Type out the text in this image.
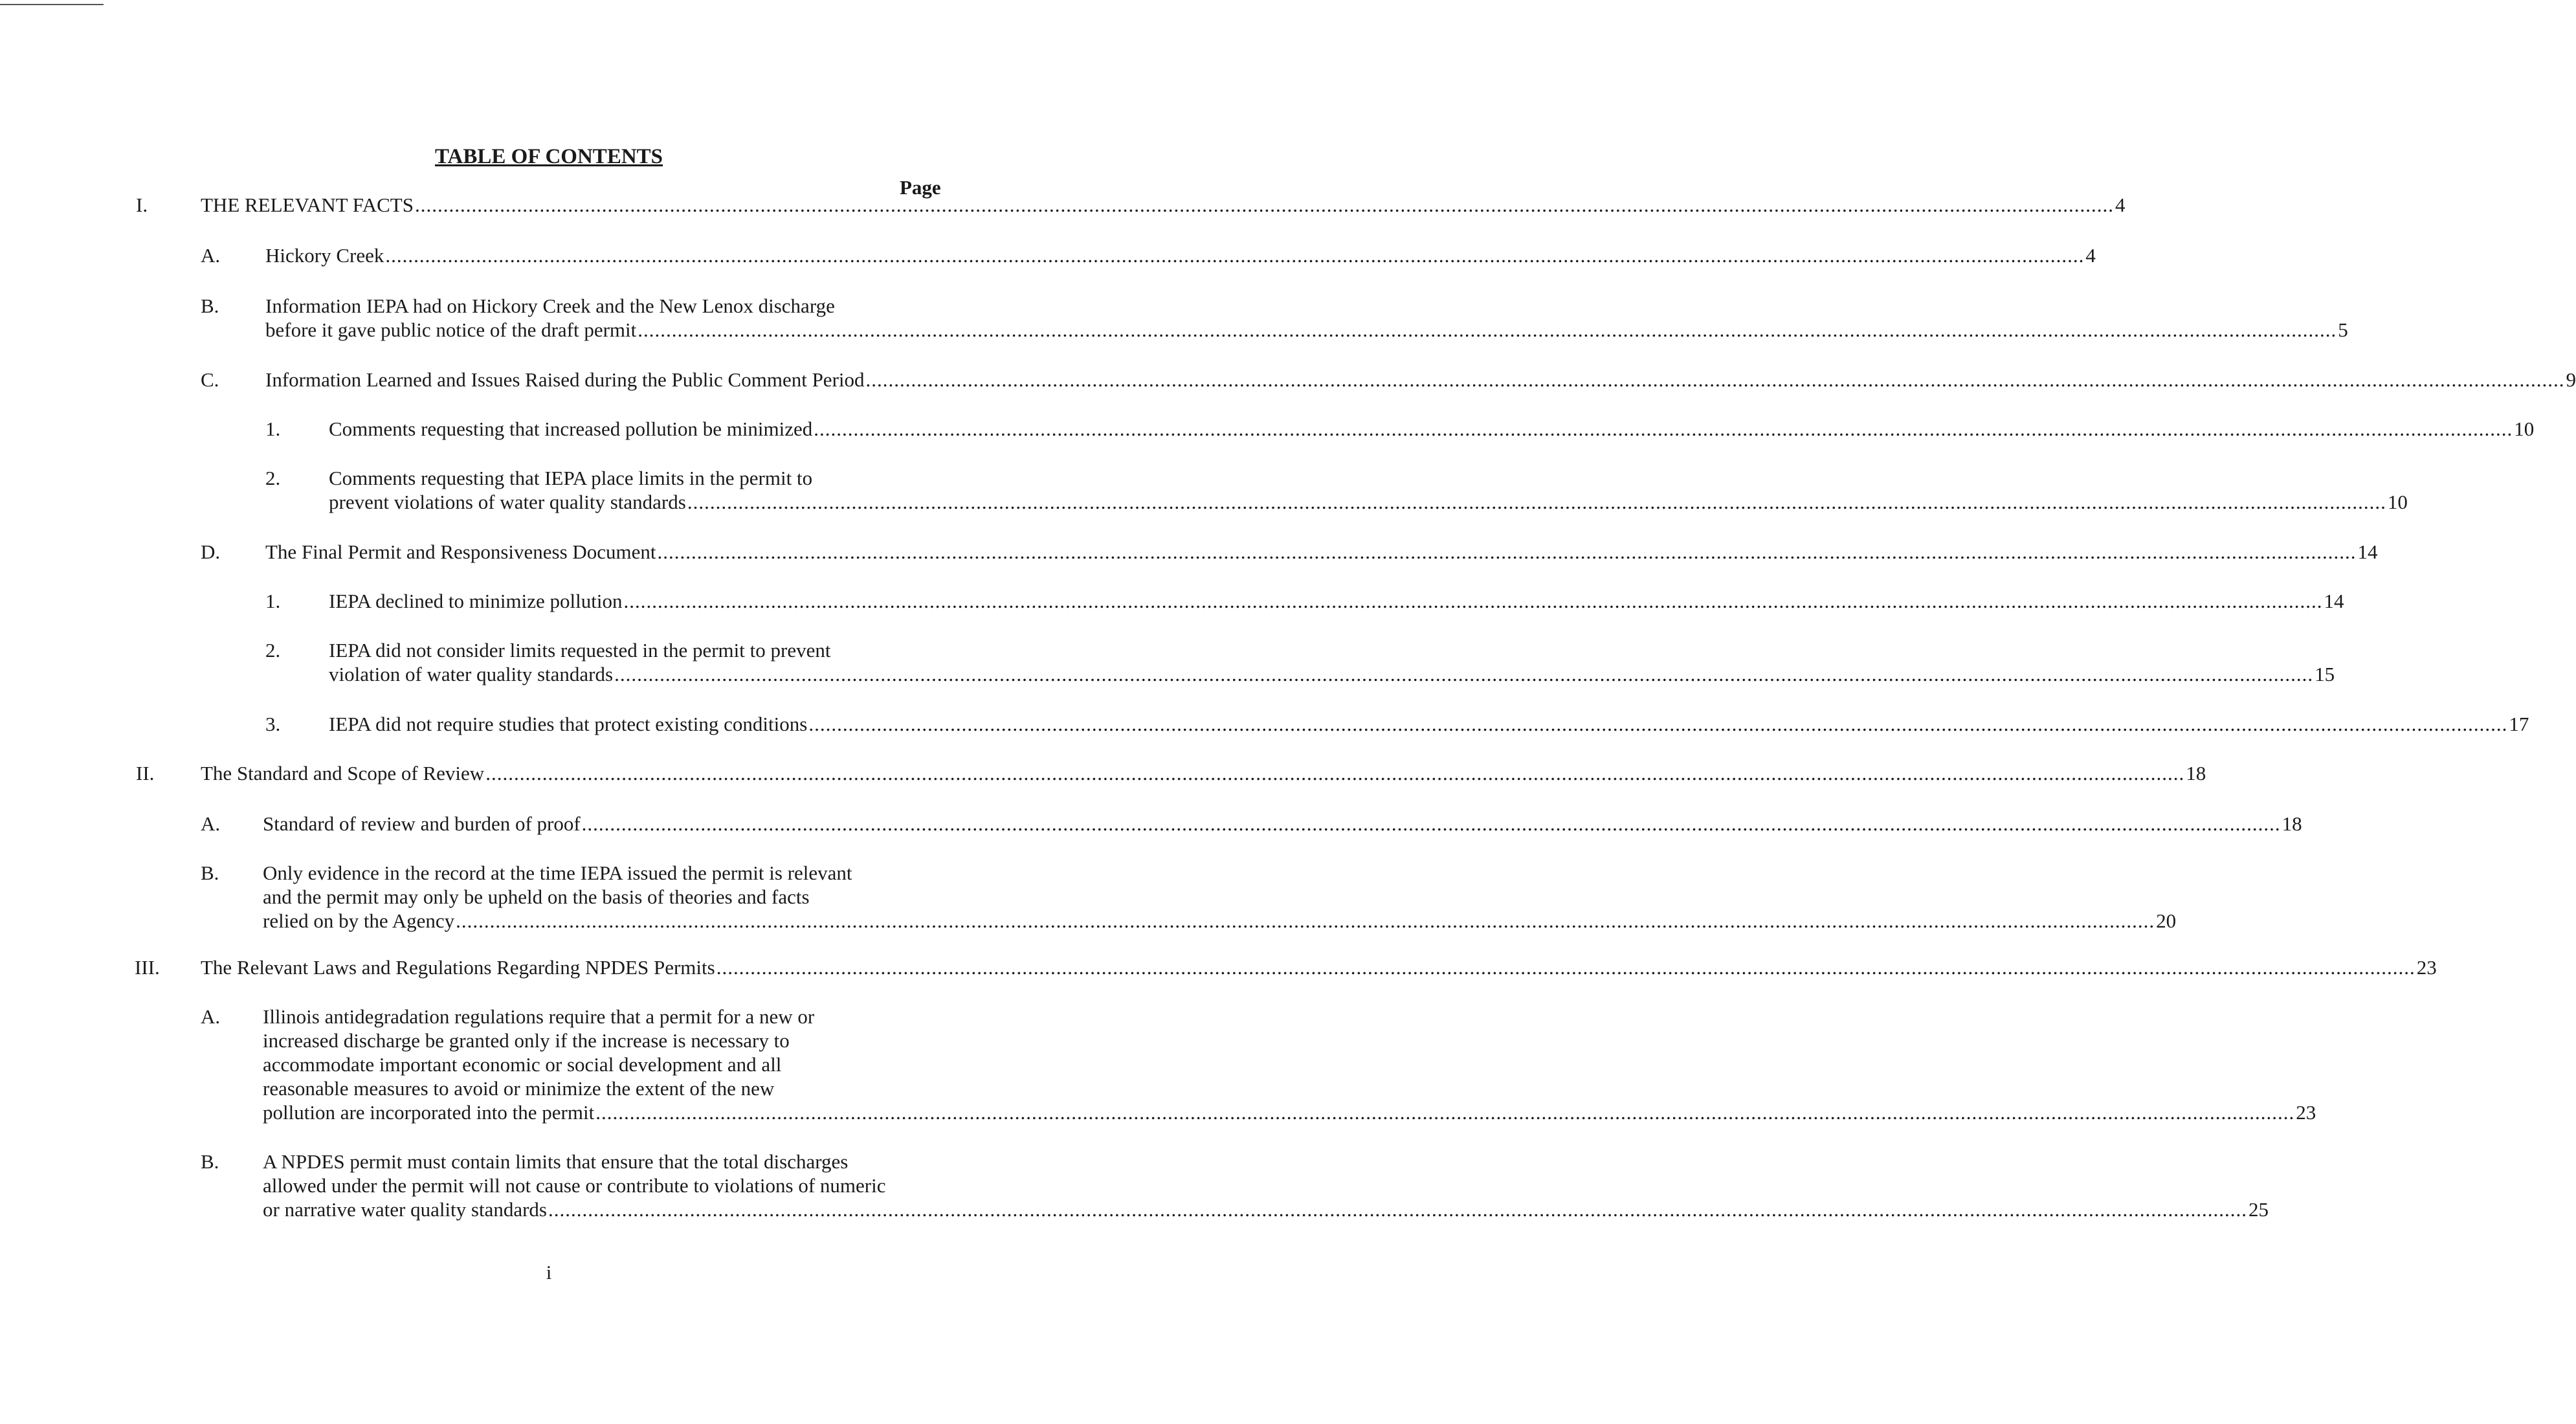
TABLE OF CONTENTS
Page
I.	THE RELEVANT FACTS ............................................................................................................................................................................................................................................................................................................ 4
A. Hickory Creek ............................................................................................................................................................................................................................................................................................................ 4
B. Information IEPA had on Hickory Creek and the New Lenox discharge
before it gave public notice of the draft permit ............................................................................................................................................................................................................................................................................................................ 5
C. Information Learned and Issues Raised during the Public Comment Period ............................................................................................................................................................................................................................................................................................................ 9
1. Comments requesting that increased pollution be minimized ............................................................................................................................................................................................................................................................................................................ 10
2. Comments requesting that IEPA place limits in the permit to
prevent violations of water quality standards ............................................................................................................................................................................................................................................................................................................ 10
D. The Final Permit and Responsiveness Document ............................................................................................................................................................................................................................................................................................................ 14
1. IEPA declined to minimize pollution ............................................................................................................................................................................................................................................................................................................ 14
2. IEPA did not consider limits requested in the permit to prevent
violation of water quality standards ............................................................................................................................................................................................................................................................................................................ 15
3. IEPA did not require studies that protect existing conditions ............................................................................................................................................................................................................................................................................................................ 17
II. The Standard and Scope of Review ............................................................................................................................................................................................................................................................................................................ 18
A. Standard of review and burden of proof ............................................................................................................................................................................................................................................................................................................ 18
B. Only evidence in the record at the time IEPA issued the permit is relevant
and the permit may only be upheld on the basis of theories and facts
relied on by the Agency ............................................................................................................................................................................................................................................................................................................ 20
III. The Relevant Laws and Regulations Regarding NPDES Permits ............................................................................................................................................................................................................................................................................................................ 23
A. Illinois antidegradation regulations require that a permit for a new or
increased discharge be granted only if the increase is necessary to
accommodate important economic or social development and all
reasonable measures to avoid or minimize the extent of the new
pollution are incorporated into the permit ............................................................................................................................................................................................................................................................................................................ 23
B. A NPDES permit must contain limits that ensure that the total discharges
allowed under the permit will not cause or contribute to violations of numeric
or narrative water quality standards ............................................................................................................................................................................................................................................................................................................ 25
i
